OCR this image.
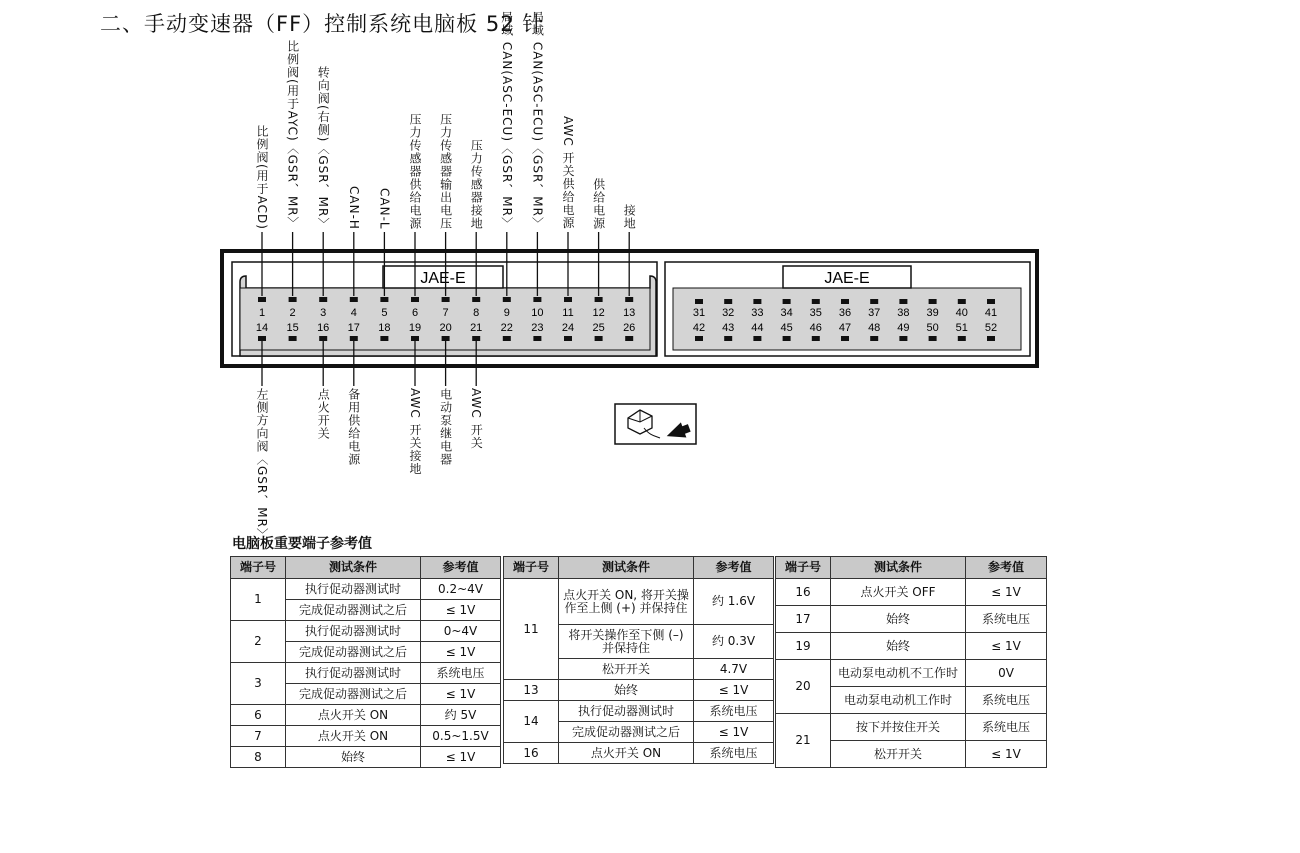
二、手动变速器（FF）控制系统电脑板 52 针
JAE-E	JAE-E
1 2 3 4 5 6 7 8 9 10 11 12 13
14 15 16 17 18 19 20 21 22 23 24 25 26
31 32 33 34 35 36 37 38 39 40 41
42 43 44 45 46 47 48 49 50 51 52
比例阀(用于ACD) 比例阀(用于AYC)〈GSR、MR〉 转向阀(右侧)〈GSR、MR〉 CAN-H CAN-L 压力传感器供给电源 压力传感器输出电压 压力传感器接地 局域 CAN(ASC-ECU)〈GSR、MR〉 局域 CAN(ASC-ECU)〈GSR、MR〉 AWC 开关供给电源 供给电源 接地
左侧方向阀〈GSR、MR〉	点火开关 备用供给电源	AWC 开关接地 电动泵继电器 AWC 开关
电脑板重要端子参考值
端子号	测试条件	参考值
1	执行促动器测试时	0.2~4V
	完成促动器测试之后	≤ 1V
2	执行促动器测试时	0~4V
	完成促动器测试之后	≤ 1V
3	执行促动器测试时	系统电压
	完成促动器测试之后	≤ 1V
6	点火开关 ON	约 5V
7	点火开关 ON	0.5~1.5V
8	始终	≤ 1V
端子号	测试条件	参考值
11	点火开关 ON, 将开关操作至上侧 (+) 并保持住	约 1.6V
	将开关操作至下侧 (–) 并保持住	约 0.3V
	松开开关	4.7V
13	始终	≤ 1V
14	执行促动器测试时	系统电压
	完成促动器测试之后	≤ 1V
16	点火开关 ON	系统电压
端子号	测试条件	参考值
16	点火开关 OFF	≤ 1V
17	始终	系统电压
19	始终	≤ 1V
20	电动泵电动机不工作时	0V
	电动泵电动机工作时	系统电压
21	按下并按住开关	系统电压
	松开开关	≤ 1V
